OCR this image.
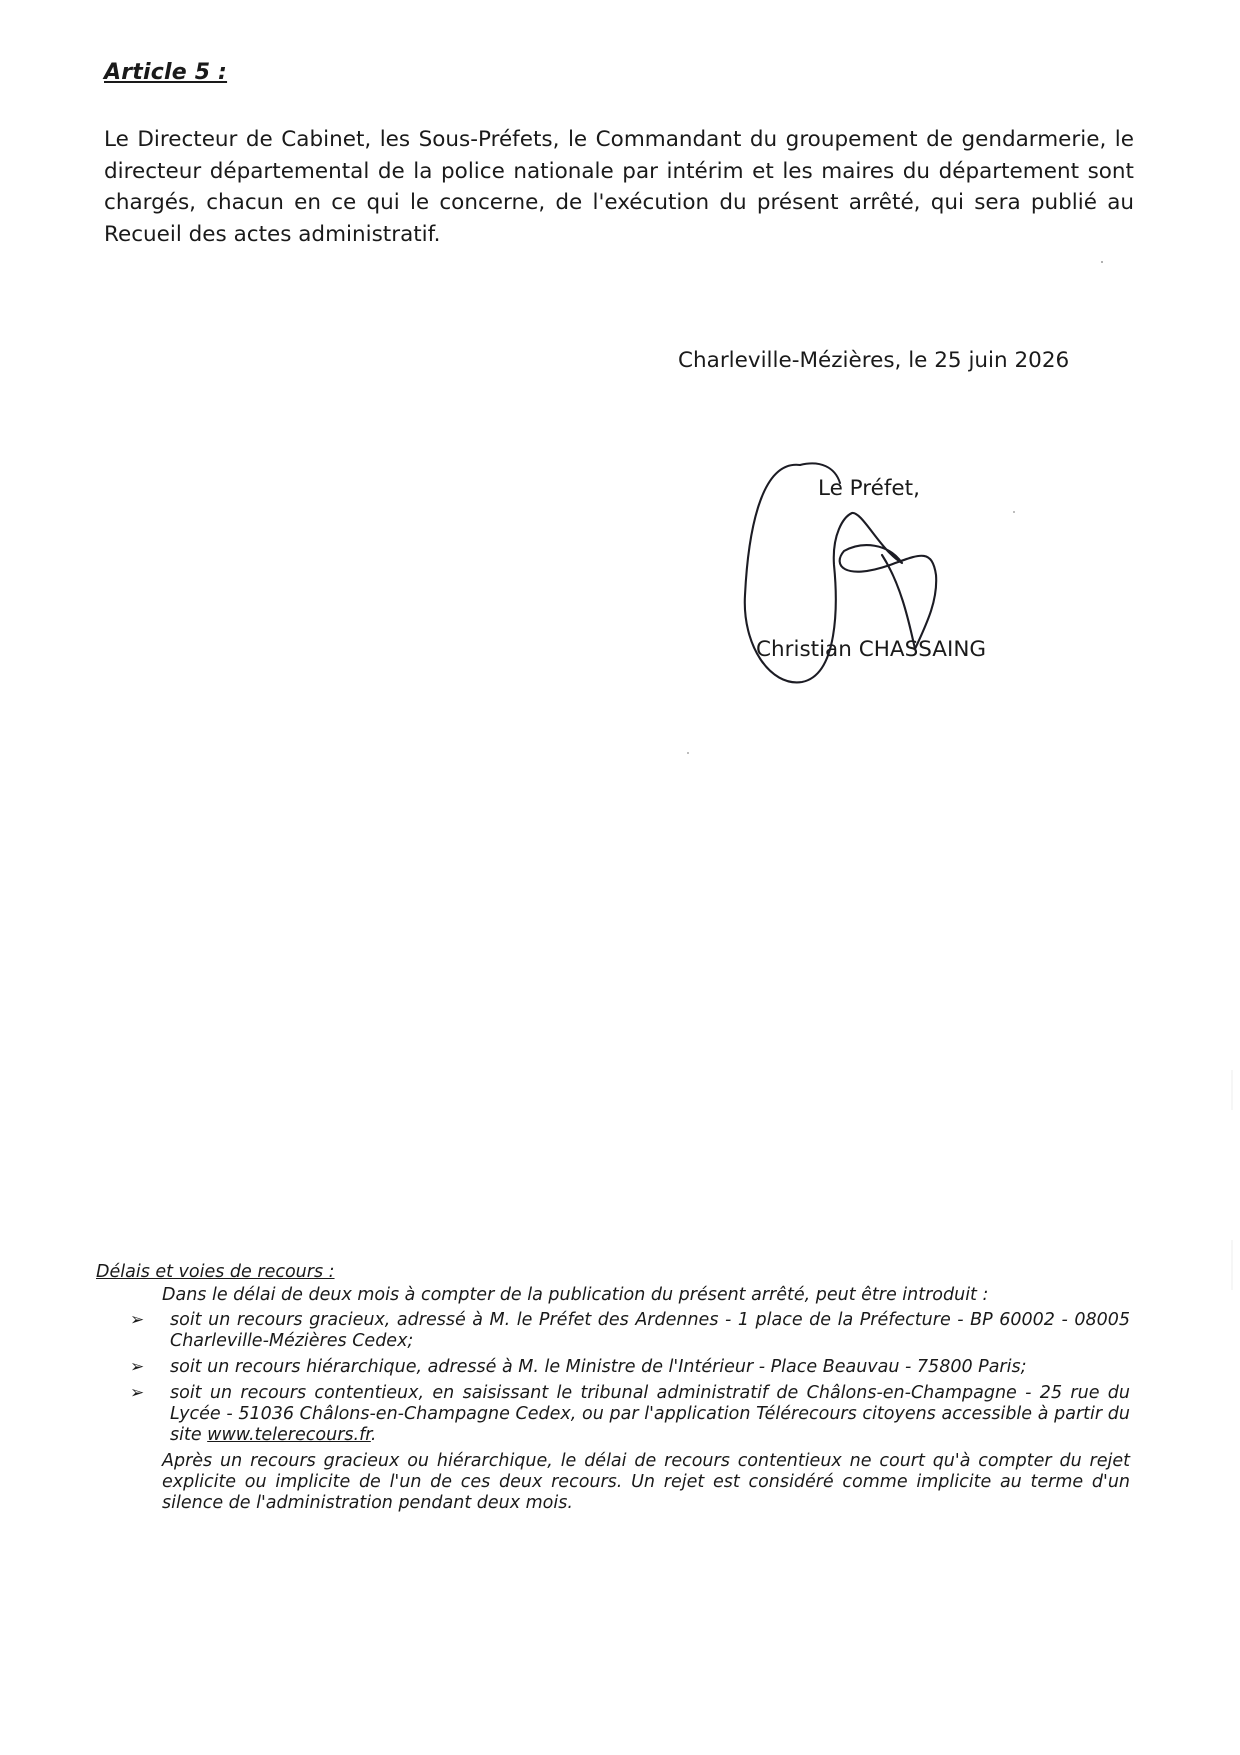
Article 5 :
Le Directeur de Cabinet, les Sous-Préfets, le Commandant du groupement de gendarmerie, le directeur départemental de la police nationale par intérim et les maires du département sont chargés, chacun en ce qui le concerne, de l'exécution du présent arrêté, qui sera publié au Recueil des actes administratif.
Charleville-Mézières, le 25 juin 2026
Le Préfet,
Christian CHASSAING
Délais et voies de recours :
Dans le délai de deux mois à compter de la publication du présent arrêté, peut être introduit :
➢ soit un recours gracieux, adressé à M. le Préfet des Ardennes - 1 place de la Préfecture - BP 60002 - 08005 Charleville-Mézières Cedex;
➢ soit un recours hiérarchique, adressé à M. le Ministre de l'Intérieur - Place Beauvau - 75800 Paris;
➢ soit un recours contentieux, en saisissant le tribunal administratif de Châlons-en-Champagne - 25 rue du Lycée - 51036 Châlons-en-Champagne Cedex, ou par l'application Télérecours citoyens accessible à partir du site www.telerecours.fr.
Après un recours gracieux ou hiérarchique, le délai de recours contentieux ne court qu'à compter du rejet explicite ou implicite de l'un de ces deux recours. Un rejet est considéré comme implicite au terme d'un silence de l'administration pendant deux mois.
